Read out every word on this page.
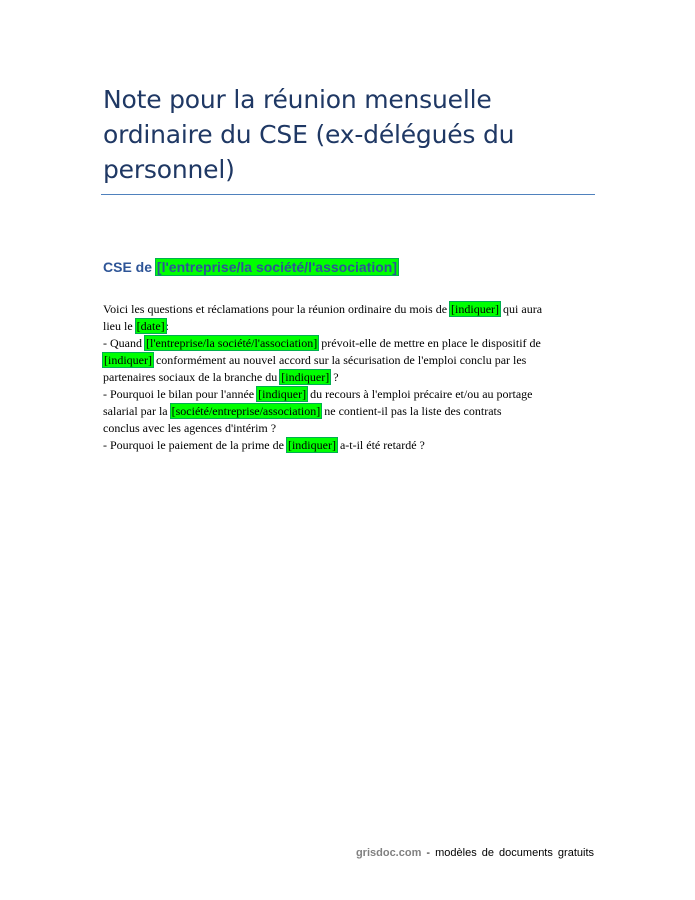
Note pour la réunion mensuelle
ordinaire du CSE (ex-délégués du
personnel)
CSE de [l'entreprise/la société/l'association]
Voici les questions et réclamations pour la réunion ordinaire du mois de [indiquer] qui aura
lieu le [date]:
- Quand [l'entreprise/la société/l'association] prévoit-elle de mettre en place le dispositif de
[indiquer] conformément au nouvel accord sur la sécurisation de l'emploi conclu par les
partenaires sociaux de la branche du [indiquer] ?
- Pourquoi le bilan pour l'année [indiquer] du recours à l'emploi précaire et/ou au portage
salarial par la [société/entreprise/association] ne contient-il pas la liste des contrats
conclus avec les agences d'intérim ?
- Pourquoi le paiement de la prime de [indiquer] a-t-il été retardé ?
grisdoc.com - modèles de documents gratuits
